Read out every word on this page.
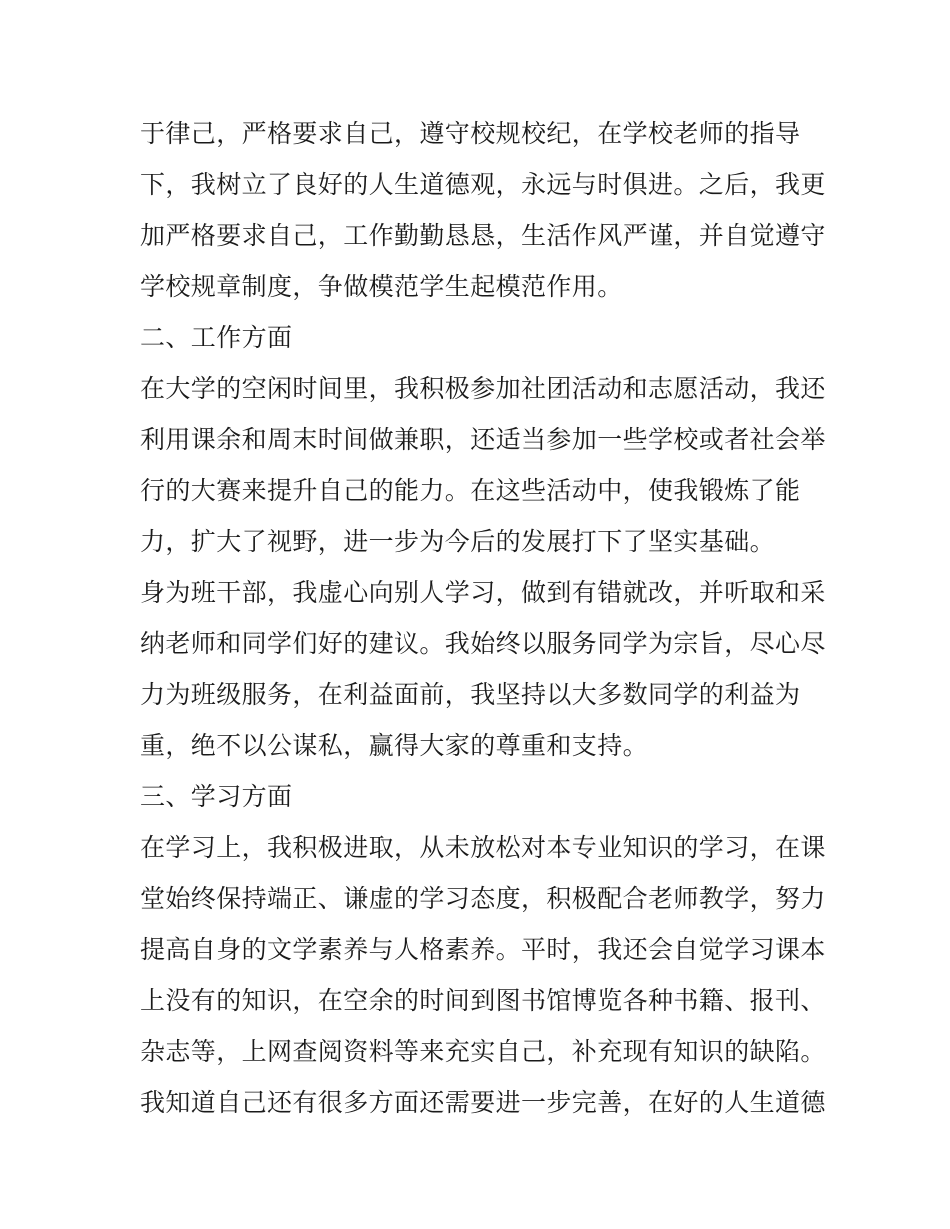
于律己，严格要求自己，遵守校规校纪，在学校老师的指导
下，我树立了良好的人生道德观，永远与时俱进。之后，我更
加严格要求自己，工作勤勤恳恳，生活作风严谨，并自觉遵守
学校规章制度，争做模范学生起模范作用。
二、工作方面
在大学的空闲时间里，我积极参加社团活动和志愿活动，我还
利用课余和周末时间做兼职，还适当参加一些学校或者社会举
行的大赛来提升自己的能力。在这些活动中，使我锻炼了能
力，扩大了视野，进一步为今后的发展打下了坚实基础。
身为班干部，我虚心向别人学习，做到有错就改，并听取和采
纳老师和同学们好的建议。我始终以服务同学为宗旨，尽心尽
力为班级服务，在利益面前，我坚持以大多数同学的利益为
重，绝不以公谋私，赢得大家的尊重和支持。
三、学习方面
在学习上，我积极进取，从未放松对本专业知识的学习，在课
堂始终保持端正、谦虚的学习态度，积极配合老师教学，努力
提高自身的文学素养与人格素养。平时，我还会自觉学习课本
上没有的知识，在空余的时间到图书馆博览各种书籍、报刊、
杂志等，上网查阅资料等来充实自己，补充现有知识的缺陷。
我知道自己还有很多方面还需要进一步完善，在好的人生道德
